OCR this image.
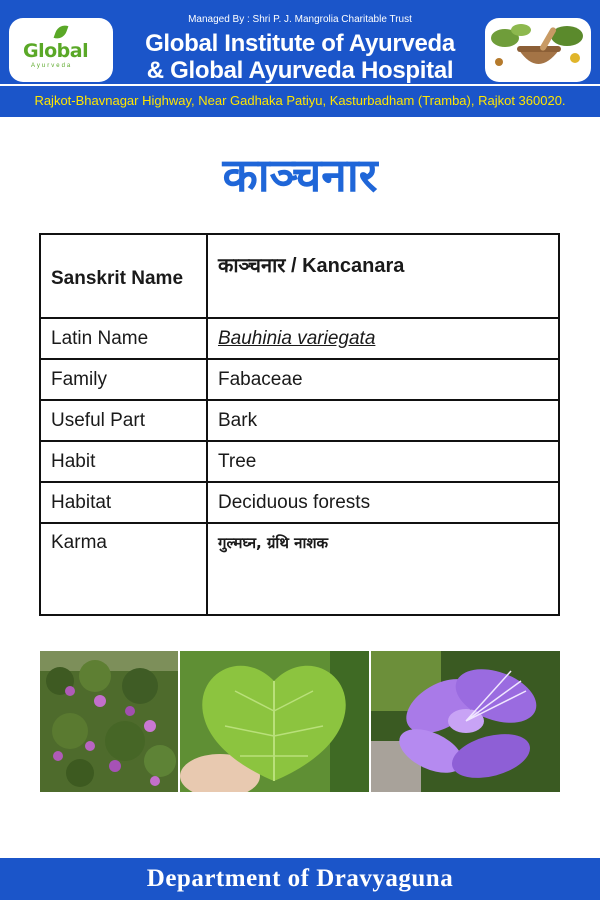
Global
Ayurveda
Managed By : Shri P. J. Mangrolia Charitable Trust
Global Institute of Ayurveda
& Global Ayurveda Hospital
Rajkot-Bhavnagar Highway, Near Gadhaka Patiyu, Kasturbadham (Tramba), Rajkot 360020.
काञ्चनार
Sanskrit Name	काञ्चनार / Kancanara
Latin Name	Bauhinia variegata
Family	Fabaceae
Useful Part	Bark
Habit	Tree
Habitat	Deciduous forests
Karma	गुल्मघ्न, ग्रंथि नाशक
Department of Dravyaguna
